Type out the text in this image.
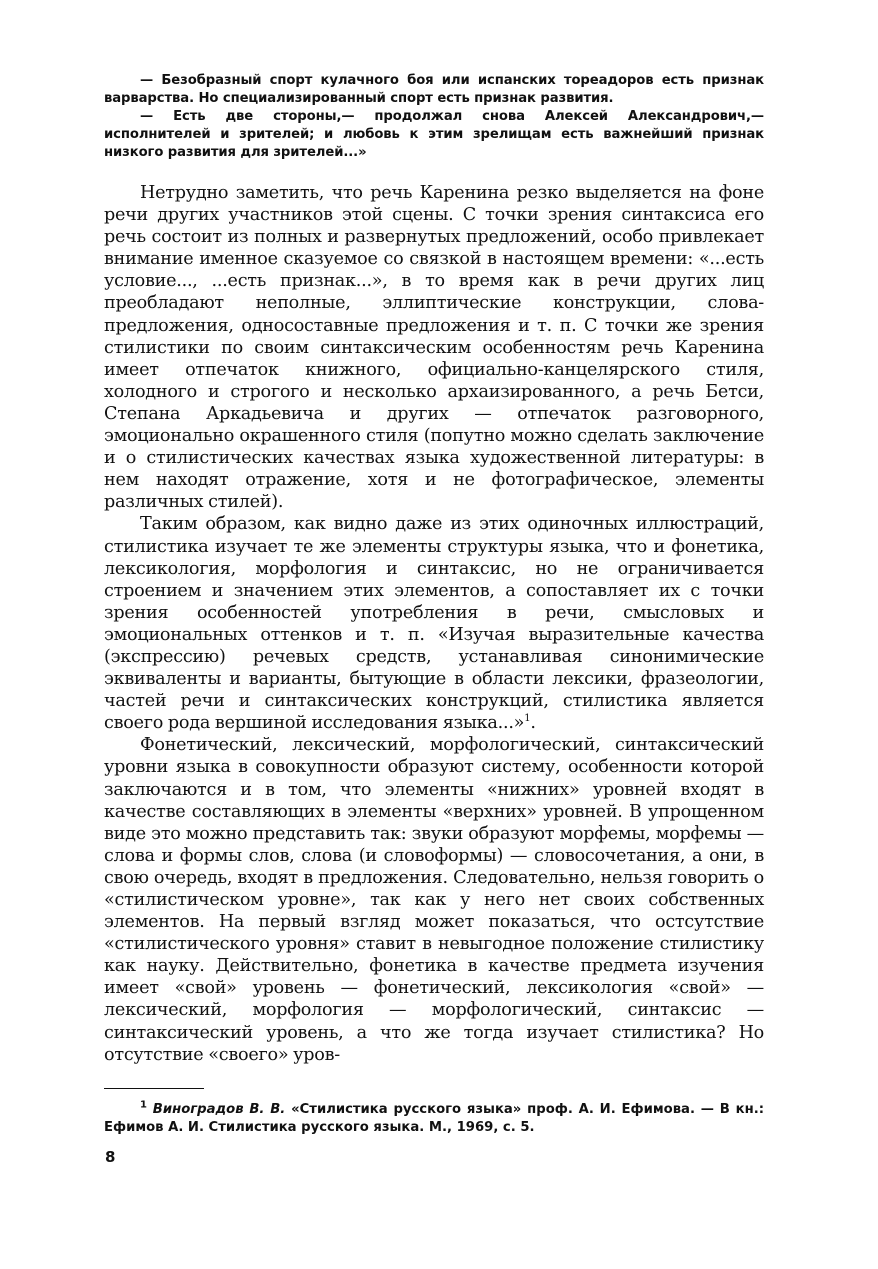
— Безобразный спорт кулачного боя или испанских тореадоров есть признак варварства. Но специализированный спорт есть признак развития.

— Есть две стороны,— продолжал снова Алексей Александрович,— исполнителей и зрителей; и любовь к этим зрелищам есть важнейший признак низкого развития для зрителей...»

Нетрудно заметить, что речь Каренина резко выделяется на фоне речи других участников этой сцены. С точки зрения синтаксиса его речь состоит из полных и развернутых предложений, особо привлекает внимание именное сказуемое со связкой в настоящем времени: «...есть условие..., ...есть признак...», в то время как в речи других лиц преобладают неполные, эллиптические конструкции, слова-предложения, односоставные предложения и т. п. С точки же зрения стилистики по своим синтаксическим особенностям речь Каренина имеет отпечаток книжного, официально-канцелярского стиля, холодного и строгого и несколько архаизированного, а речь Бетси, Степана Аркадьевича и других — отпечаток разговорного, эмоционально окрашенного стиля (попутно можно сделать заключение и о стилистических качествах языка художественной литературы: в нем находят отражение, хотя и не фотографическое, элементы различных стилей).

Таким образом, как видно даже из этих одиночных иллюстраций, стилистика изучает те же элементы структуры языка, что и фонетика, лексикология, морфология и синтаксис, но не ограничивается строением и значением этих элементов, а сопоставляет их с точки зрения особенностей употребления в речи, смысловых и эмоциональных оттенков и т. п. «Изучая выразительные качества (экспрессию) речевых средств, устанавливая синонимические эквиваленты и варианты, бытующие в области лексики, фразеологии, частей речи и синтаксических конструкций, стилистика является своего рода вершиной исследования языка...»$^1$.

Фонетический, лексический, морфологический, синтаксический уровни языка в совокупности образуют систему, особенности которой заключаются и в том, что элементы «нижних» уровней входят в качестве составляющих в элементы «верхних» уровней. В упрощенном виде это можно представить так: звуки образуют морфемы, морфемы — слова и формы слов, слова (и словоформы) — словосочетания, а они, в свою очередь, входят в предложения. Следовательно, нельзя говорить о «стилистическом уровне», так как у него нет своих собственных элементов. На первый взгляд может показаться, что остсутствие «стилистического уровня» ставит в невыгодное положение стилистику как науку. Действительно, фонетика в качестве предмета изучения имеет «свой» уровень — фонетический, лексикология «свой» — лексический, морфология — морфологический, синтаксис — синтаксический уровень, а что же тогда изучает стилистика? Но отсутствие «своего» уров-

$^1$ Виноградов В. В. «Стилистика русского языка» проф. А. И. Ефимова. — В кн.: Ефимов А. И. Стилистика русского языка. М., 1969, с. 5.
8
